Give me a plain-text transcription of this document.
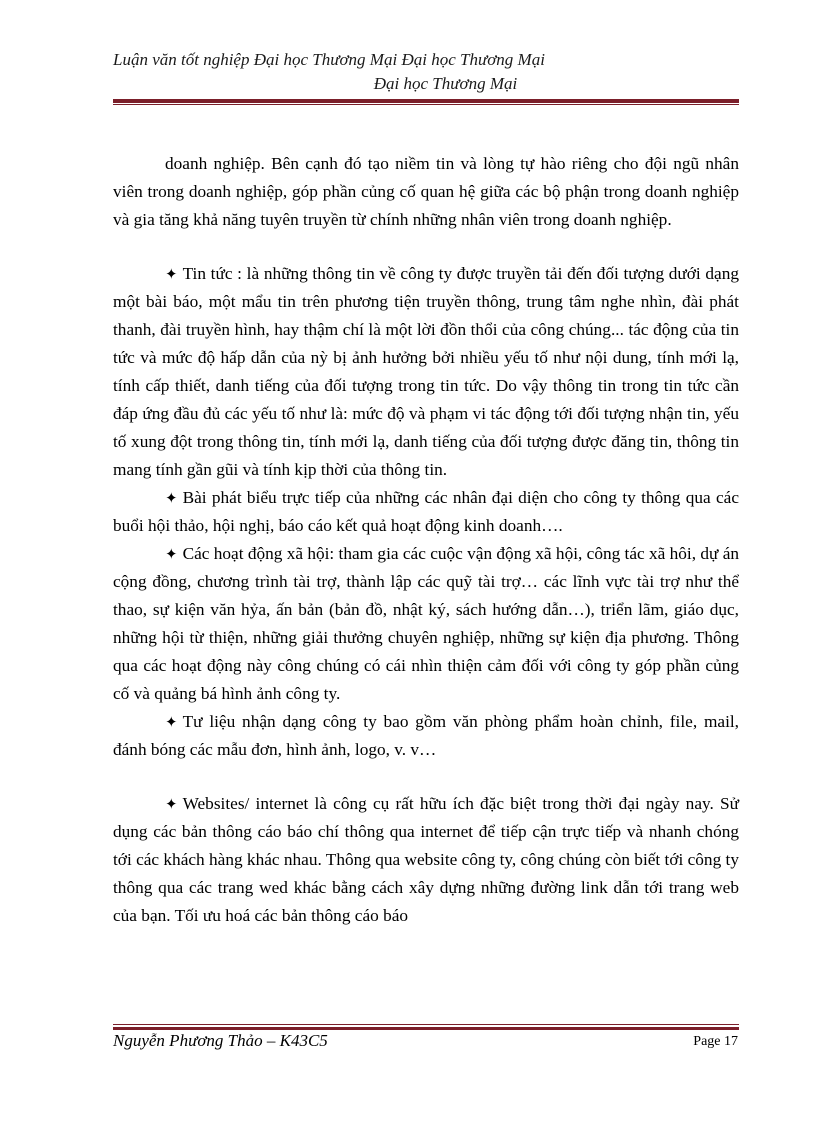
Luận văn tốt nghiệp Đại học Thương Mại Đại học Thương Mại
Đại học Thương Mại

doanh nghiệp. Bên cạnh đó tạo niềm tin và lòng tự hào riêng cho đội ngũ nhân viên trong doanh nghiệp, góp phần củng cố quan hệ giữa các bộ phận trong doanh nghiệp và gia tăng khả năng tuyên truyền từ chính những nhân viên trong doanh nghiệp.

✦ Tin tức : là những thông tin về công ty được truyền tải đến đối tượng dưới dạng một bài báo, một mẩu tin trên phương tiện truyền thông, trung tâm nghe nhìn, đài phát thanh, đài truyền hình, hay thậm chí là một lời đồn thổi của công chúng... tác động của tin tức và mức độ hấp dẫn của nỳ bị ảnh hưởng bởi nhiều yếu tố như nội dung, tính mới lạ, tính cấp thiết, danh tiếng của đối tượng trong tin tức. Do vậy thông tin trong tin tức cần đáp ứng đầu đủ các yếu tố như là: mức độ và phạm vi tác động tới đối tượng nhận tin, yếu tố xung đột trong thông tin, tính mới lạ, danh tiếng của đối tượng được đăng tin, thông tin mang tính gần gũi và tính kịp thời của thông tin.

✦ Bài phát biểu trực tiếp của những các nhân đại diện cho công ty thông qua các buổi hội thảo, hội nghị, báo cáo kết quả hoạt động kinh doanh….

✦ Các hoạt động xã hội: tham gia các cuộc vận động xã hội, công tác xã hôi, dự án cộng đồng, chương trình tài trợ, thành lập các quỹ tài trợ… các lĩnh vực tài trợ như thể thao, sự kiện văn hỷa, ấn bản (bản đồ, nhật ký, sách hướng dẫn…), triển lãm, giáo dục, những hội từ thiện, những giải thưởng chuyên nghiệp, những sự kiện địa phương. Thông qua các hoạt động này công chúng có cái nhìn thiện cảm đối với công ty góp phần củng cố và quảng bá hình ảnh công ty.

✦ Tư liệu nhận dạng công ty bao gồm văn phòng phẩm hoàn chỉnh, file, mail, đánh bóng các mẫu đơn, hình ảnh, logo, v. v…

✦ Websites/ internet là công cụ rất hữu ích đặc biệt trong thời đại ngày nay. Sử dụng các bản thông cáo báo chí thông qua internet để tiếp cận trực tiếp và nhanh chóng tới các khách hàng khác nhau. Thông qua website công ty, công chúng còn biết tới công ty thông qua các trang wed khác bằng cách xây dựng những đường link dẫn tới trang web của bạn. Tối ưu hoá các bản thông cáo báo

Nguyễn Phương Thảo – K43C5	Page 17
